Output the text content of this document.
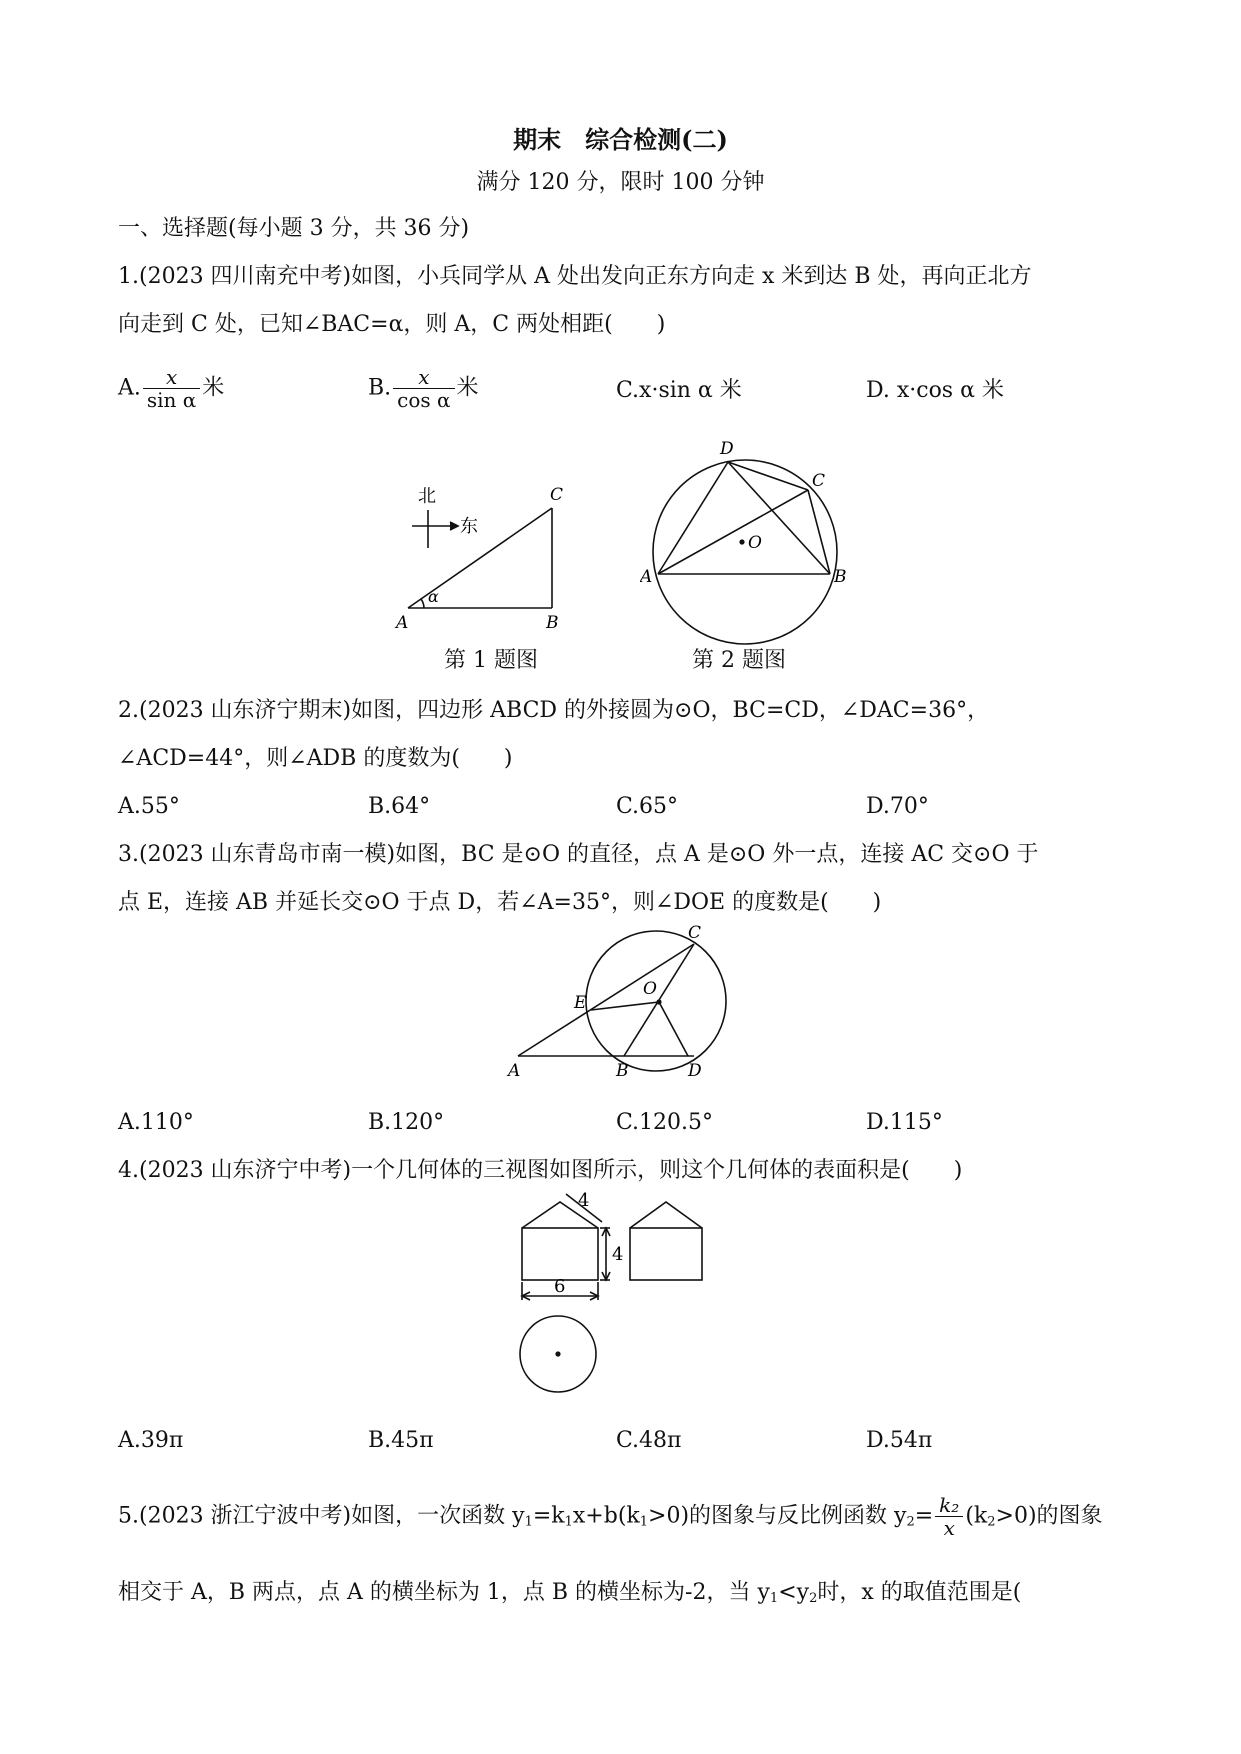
期末　综合检测(二)
满分 120 分，限时 100 分钟
一、选择题(每小题 3 分，共 36 分)
1.(2023 四川南充中考)如图，小兵同学从 A 处出发向正东方向走 x 米到达 B 处，再向正北方
向走到 C 处，已知∠BAC=α，则 A，C 两处相距(　　)
A. $\frac{x}{\text{sin α}}$ 米	B. $\frac{x}{\text{cos α}}$ 米	C.x·sin α 米	D. x·cos α 米
北
东
C
α
A	B
第 1 题图
D
C
O
A	B
第 2 题图
2.(2023 山东济宁期末)如图，四边形 ABCD 的外接圆为⊙O，BC=CD，∠DAC=36°，
∠ACD=44°，则∠ADB 的度数为(　　)
A.55°	B.64°	C.65°	D.70°
3.(2023 山东青岛市南一模)如图，BC 是⊙O 的直径，点 A 是⊙O 外一点，连接 AC 交⊙O 于
点 E，连接 AB 并延长交⊙O 于点 D，若∠A=35°，则∠DOE 的度数是(　　)
C
O
E
A	B	D
A.110°	B.120°	C.120.5°	D.115°
4.(2023 山东济宁中考)一个几何体的三视图如图所示，则这个几何体的表面积是(　　)
4
4
6
A.39π	B.45π	C.48π	D.54π
5.(2023 浙江宁波中考)如图，一次函数 $y_1=k_1x+b(k_1>0)$的图象与反比例函数 $y_2= \frac{\text{k₂}}{x} (k_2>0)$的图象
相交于 A，B 两点，点 A 的横坐标为 1，点 B 的横坐标为-2，当 $y_1<y_2$时，x 的取值范围是(
